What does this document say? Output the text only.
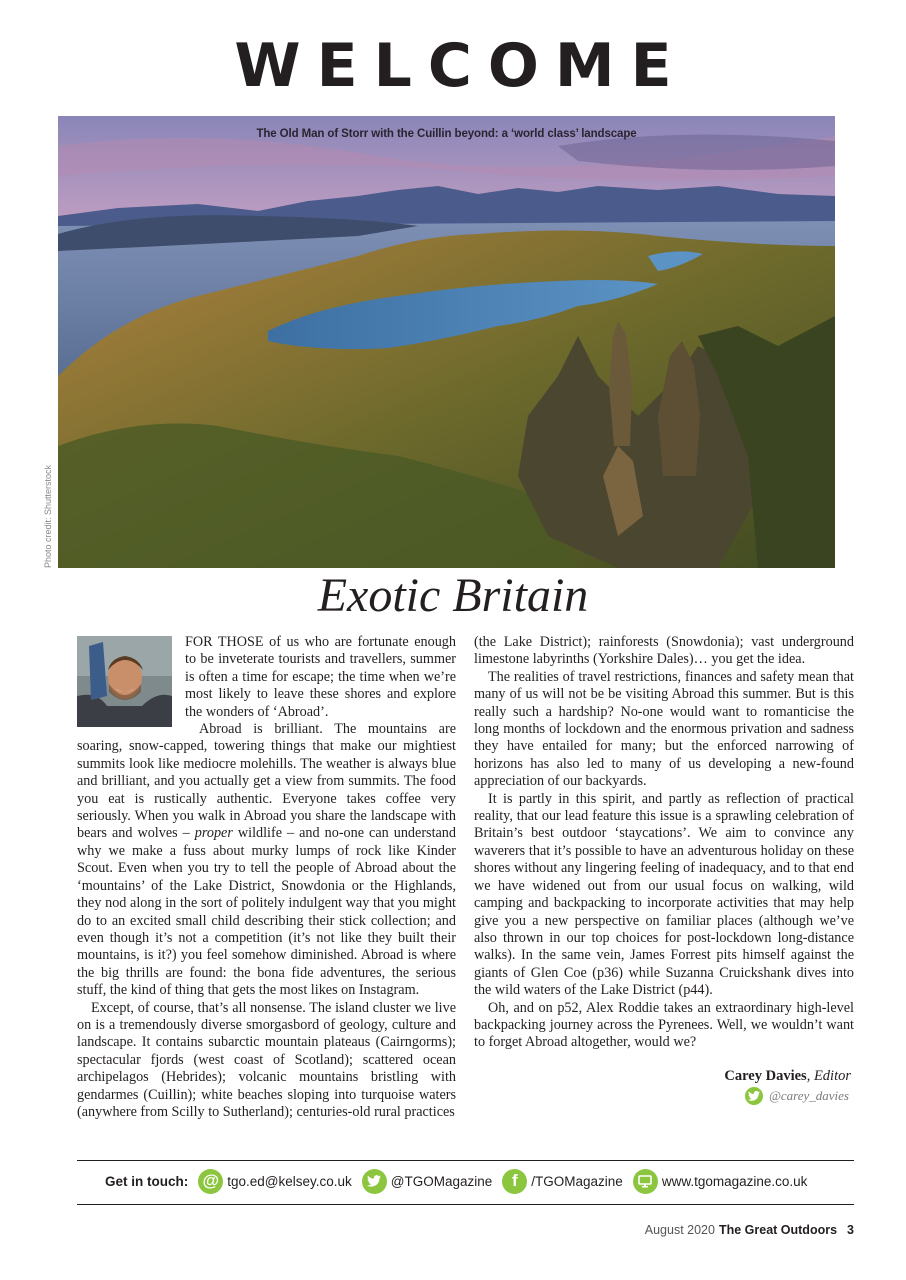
WELCOME
The Old Man of Storr with the Cuillin beyond: a ‘world class’ landscape
Photo credit: Shutterstock
Exotic Britain

FOR THOSE of us who are fortunate enough to be inveterate tourists and travellers, summer is often a time for escape; the time when we’re most likely to leave these shores and explore the wonders of ‘Abroad’.

Abroad is brilliant. The mountains are soaring, snow-capped, towering things that make our mightiest summits look like mediocre molehills. The weather is always blue and brilliant, and you actually get a view from summits. The food you eat is rustically authentic. Everyone takes coffee very seriously. When you walk in Abroad you share the landscape with bears and wolves – proper wildlife – and no-one can understand why we make a fuss about murky lumps of rock like Kinder Scout. Even when you try to tell the people of Abroad about the ‘mountains’ of the Lake District, Snowdonia or the Highlands, they nod along in the sort of politely indulgent way that you might do to an excited small child describing their stick collection; and even though it’s not a competition (it’s not like they built their mountains, is it?) you feel somehow diminished. Abroad is where the big thrills are found: the bona fide adventures, the serious stuff, the kind of thing that gets the most likes on Instagram.

Except, of course, that’s all nonsense. The island cluster we live on is a tremendously diverse smorgasbord of geology, culture and landscape. It contains subarctic mountain plateaus (Cairngorms); spectacular fjords (west coast of Scotland); scattered ocean archipelagos (Hebrides); volcanic mountains bristling with gendarmes (Cuillin); white beaches sloping into turquoise waters (anywhere from Scilly to Sutherland); centuries-old rural practices

(the Lake District); rainforests (Snowdonia); vast underground limestone labyrinths (Yorkshire Dales)… you get the idea.

The realities of travel restrictions, finances and safety mean that many of us will not be be visiting Abroad this summer. But is this really such a hardship? No-one would want to romanticise the long months of lockdown and the enormous privation and sadness they have entailed for many; but the enforced narrowing of horizons has also led to many of us developing a new-found appreciation of our backyards.

It is partly in this spirit, and partly as reflection of practical reality, that our lead feature this issue is a sprawling celebration of Britain’s best outdoor ‘staycations’. We aim to convince any waverers that it’s possible to have an adventurous holiday on these shores without any lingering feeling of inadequacy, and to that end we have widened out from our usual focus on walking, wild camping and backpacking to incorporate activities that may help give you a new perspective on familiar places (although we’ve also thrown in our top choices for post-lockdown long-distance walks). In the same vein, James Forrest pits himself against the giants of Glen Coe (p36) while Suzanna Cruickshank dives into the wild waters of the Lake District (p44).

Oh, and on p52, Alex Roddie takes an extraordinary high-level backpacking journey across the Pyrenees. Well, we wouldn’t want to forget Abroad altogether, would we?

Carey Davies, Editor
@carey_davies
Get in touch: @ tgo.ed@kelsey.co.uk	@TGOMagazine	f	/TGOMagazine	www.tgomagazine.co.uk
August 2020 The Great Outdoors 3
